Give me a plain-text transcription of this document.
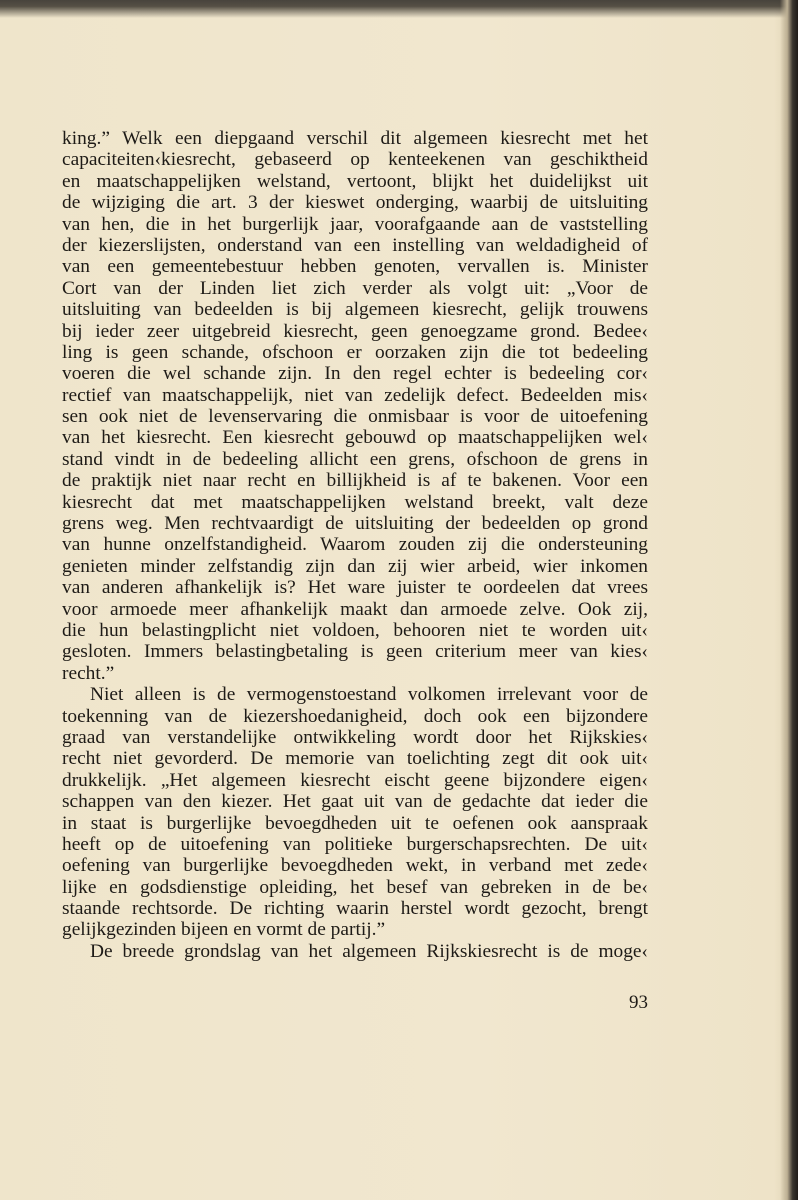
king.” Welk een diepgaand verschil dit algemeen kiesrecht met het
capaciteiten‹kiesrecht, gebaseerd op kenteekenen van geschiktheid
en maatschappelijken welstand, vertoont, blijkt het duidelijkst uit
de wijziging die art. 3 der kieswet onderging, waarbij de uitsluiting
van hen, die in het burgerlijk jaar, voorafgaande aan de vaststelling
der kiezerslijsten, onderstand van een instelling van weldadigheid of
van een gemeentebestuur hebben genoten, vervallen is. Minister
Cort van der Linden liet zich verder als volgt uit: „Voor de
uitsluiting van bedeelden is bij algemeen kiesrecht, gelijk trouwens
bij ieder zeer uitgebreid kiesrecht, geen genoegzame grond. Bedee‹
ling is geen schande, ofschoon er oorzaken zijn die tot bedeeling
voeren die wel schande zijn. In den regel echter is bedeeling cor‹
rectief van maatschappelijk, niet van zedelijk defect. Bedeelden mis‹
sen ook niet de levenservaring die onmisbaar is voor de uitoefening
van het kiesrecht. Een kiesrecht gebouwd op maatschappelijken wel‹
stand vindt in de bedeeling allicht een grens, ofschoon de grens in
de praktijk niet naar recht en billijkheid is af te bakenen. Voor een
kiesrecht dat met maatschappelijken welstand breekt, valt deze
grens weg. Men rechtvaardigt de uitsluiting der bedeelden op grond
van hunne onzelfstandigheid. Waarom zouden zij die ondersteuning
genieten minder zelfstandig zijn dan zij wier arbeid, wier inkomen
van anderen afhankelijk is? Het ware juister te oordeelen dat vrees
voor armoede meer afhankelijk maakt dan armoede zelve. Ook zij,
die hun belastingplicht niet voldoen, behooren niet te worden uit‹
gesloten. Immers belastingbetaling is geen criterium meer van kies‹
recht.”
Niet alleen is de vermogenstoestand volkomen irrelevant voor de
toekenning van de kiezershoedanigheid, doch ook een bijzondere
graad van verstandelijke ontwikkeling wordt door het Rijkskies‹
recht niet gevorderd. De memorie van toelichting zegt dit ook uit‹
drukkelijk. „Het algemeen kiesrecht eischt geene bijzondere eigen‹
schappen van den kiezer. Het gaat uit van de gedachte dat ieder die
in staat is burgerlijke bevoegdheden uit te oefenen ook aanspraak
heeft op de uitoefening van politieke burgerschapsrechten. De uit‹
oefening van burgerlijke bevoegdheden wekt, in verband met zede‹
lijke en godsdienstige opleiding, het besef van gebreken in de be‹
staande rechtsorde. De richting waarin herstel wordt gezocht, brengt
gelijkgezinden bijeen en vormt de partij.”
De breede grondslag van het algemeen Rijkskiesrecht is de moge‹
93
